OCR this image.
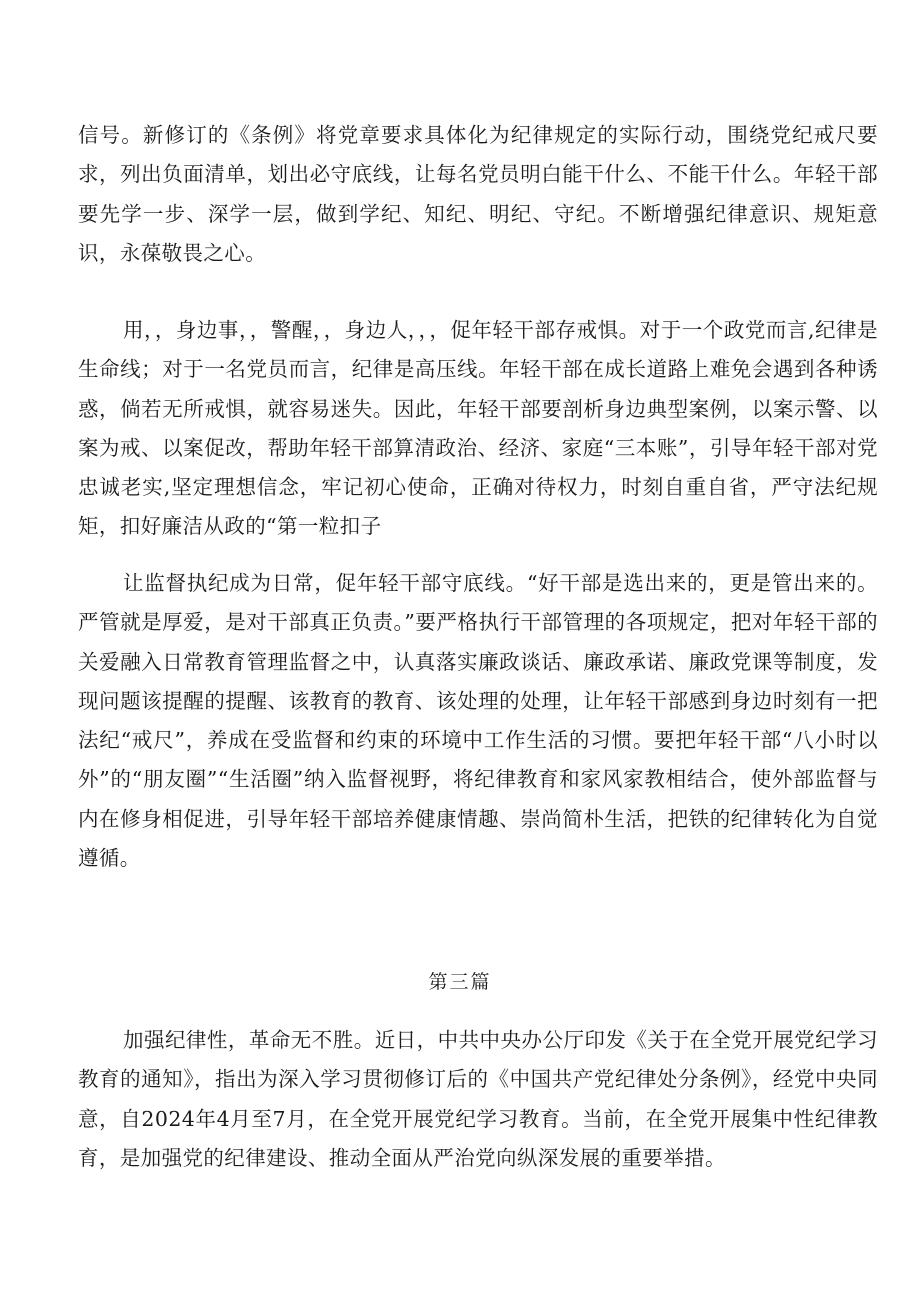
信号。新修订的《条例》将党章要求具体化为纪律规定的实际行动，围绕党纪戒尺要求，列出负面清单，划出必守底线，让每名党员明白能干什么、不能干什么。年轻干部要先学一步、深学一层，做到学纪、知纪、明纪、守纪。不断增强纪律意识、规矩意识，永葆敬畏之心。

用，，身边事，，警醒，，身边人，，，促年轻干部存戒惧。对于一个政党而言,纪律是生命线；对于一名党员而言，纪律是高压线。年轻干部在成长道路上难免会遇到各种诱惑，倘若无所戒惧，就容易迷失。因此，年轻干部要剖析身边典型案例，以案示警、以案为戒、以案促改，帮助年轻干部算清政治、经济、家庭“三本账”，引导年轻干部对党忠诚老实,坚定理想信念，牢记初心使命，正确对待权力，时刻自重自省，严守法纪规矩，扣好廉洁从政的“第一粒扣子

让监督执纪成为日常，促年轻干部守底线。“好干部是选出来的，更是管出来的。严管就是厚爱，是对干部真正负责。”要严格执行干部管理的各项规定，把对年轻干部的关爱融入日常教育管理监督之中，认真落实廉政谈话、廉政承诺、廉政党课等制度，发现问题该提醒的提醒、该教育的教育、该处理的处理，让年轻干部感到身边时刻有一把法纪“戒尺”，养成在受监督和约束的环境中工作生活的习惯。要把年轻干部“八小时以外”的“朋友圈”“生活圈”纳入监督视野，将纪律教育和家风家教相结合，使外部监督与内在修身相促进，引导年轻干部培养健康情趣、崇尚简朴生活，把铁的纪律转化为自觉遵循。

第三篇

加强纪律性，革命无不胜。近日，中共中央办公厅印发《关于在全党开展党纪学习教育的通知》，指出为深入学习贯彻修订后的《中国共产党纪律处分条例》，经党中央同意，自2024年4月至7月，在全党开展党纪学习教育。当前，在全党开展集中性纪律教育，是加强党的纪律建设、推动全面从严治党向纵深发展的重要举措。
